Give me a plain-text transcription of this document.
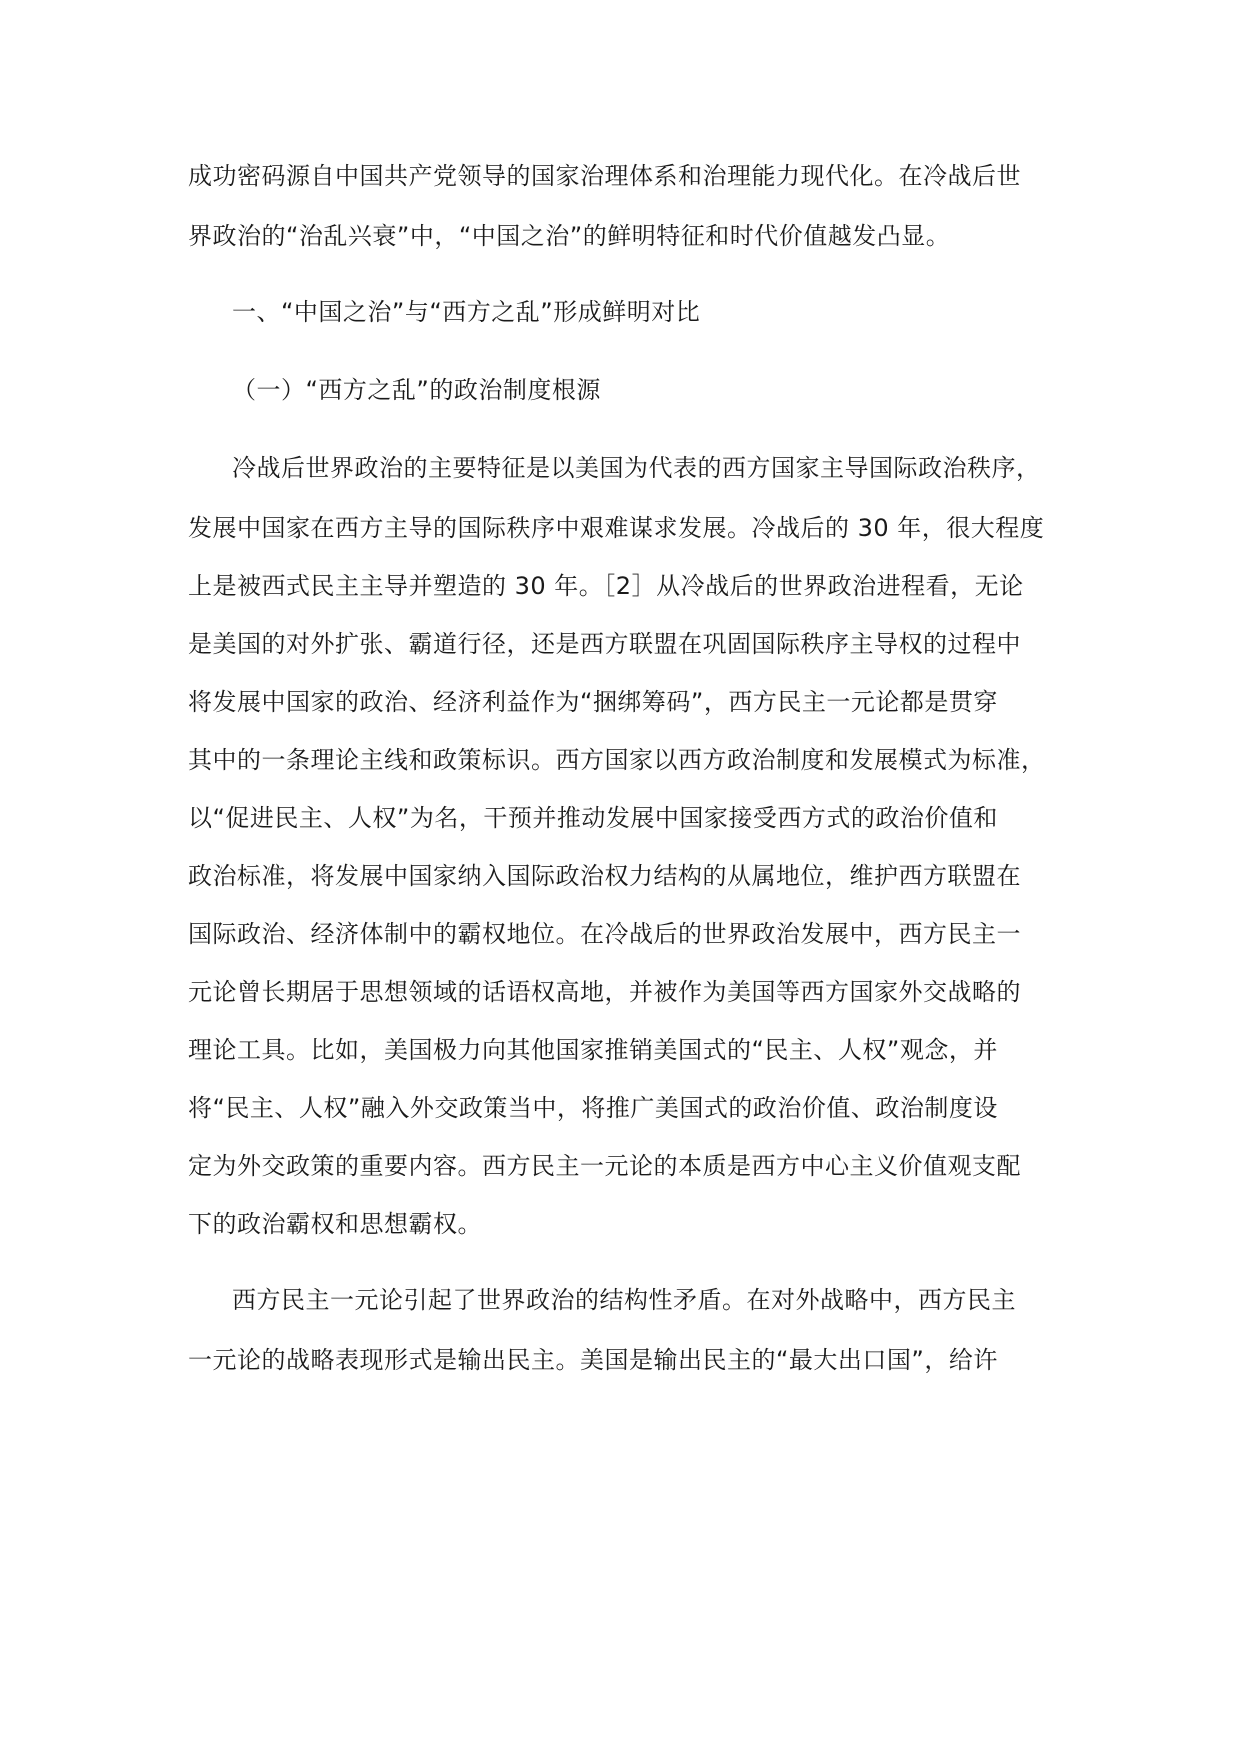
成功密码源自中国共产党领导的国家治理体系和治理能力现代化。在冷战后世
界政治的“治乱兴衰”中，“中国之治”的鲜明特征和时代价值越发凸显。
一、“中国之治”与“西方之乱”形成鲜明对比
（一）“西方之乱”的政治制度根源
冷战后世界政治的主要特征是以美国为代表的西方国家主导国际政治秩序，
发展中国家在西方主导的国际秩序中艰难谋求发展。冷战后的 30 年，很大程度
上是被西式民主主导并塑造的 30 年。［2］从冷战后的世界政治进程看，无论
是美国的对外扩张、霸道行径，还是西方联盟在巩固国际秩序主导权的过程中
将发展中国家的政治、经济利益作为“捆绑筹码”，西方民主一元论都是贯穿
其中的一条理论主线和政策标识。西方国家以西方政治制度和发展模式为标准，
以“促进民主、人权”为名，干预并推动发展中国家接受西方式的政治价值和
政治标准，将发展中国家纳入国际政治权力结构的从属地位，维护西方联盟在
国际政治、经济体制中的霸权地位。在冷战后的世界政治发展中，西方民主一
元论曾长期居于思想领域的话语权高地，并被作为美国等西方国家外交战略的
理论工具。比如，美国极力向其他国家推销美国式的“民主、人权”观念，并
将“民主、人权”融入外交政策当中，将推广美国式的政治价值、政治制度设
定为外交政策的重要内容。西方民主一元论的本质是西方中心主义价值观支配
下的政治霸权和思想霸权。
西方民主一元论引起了世界政治的结构性矛盾。在对外战略中，西方民主
一元论的战略表现形式是输出民主。美国是输出民主的“最大出口国”，给许
